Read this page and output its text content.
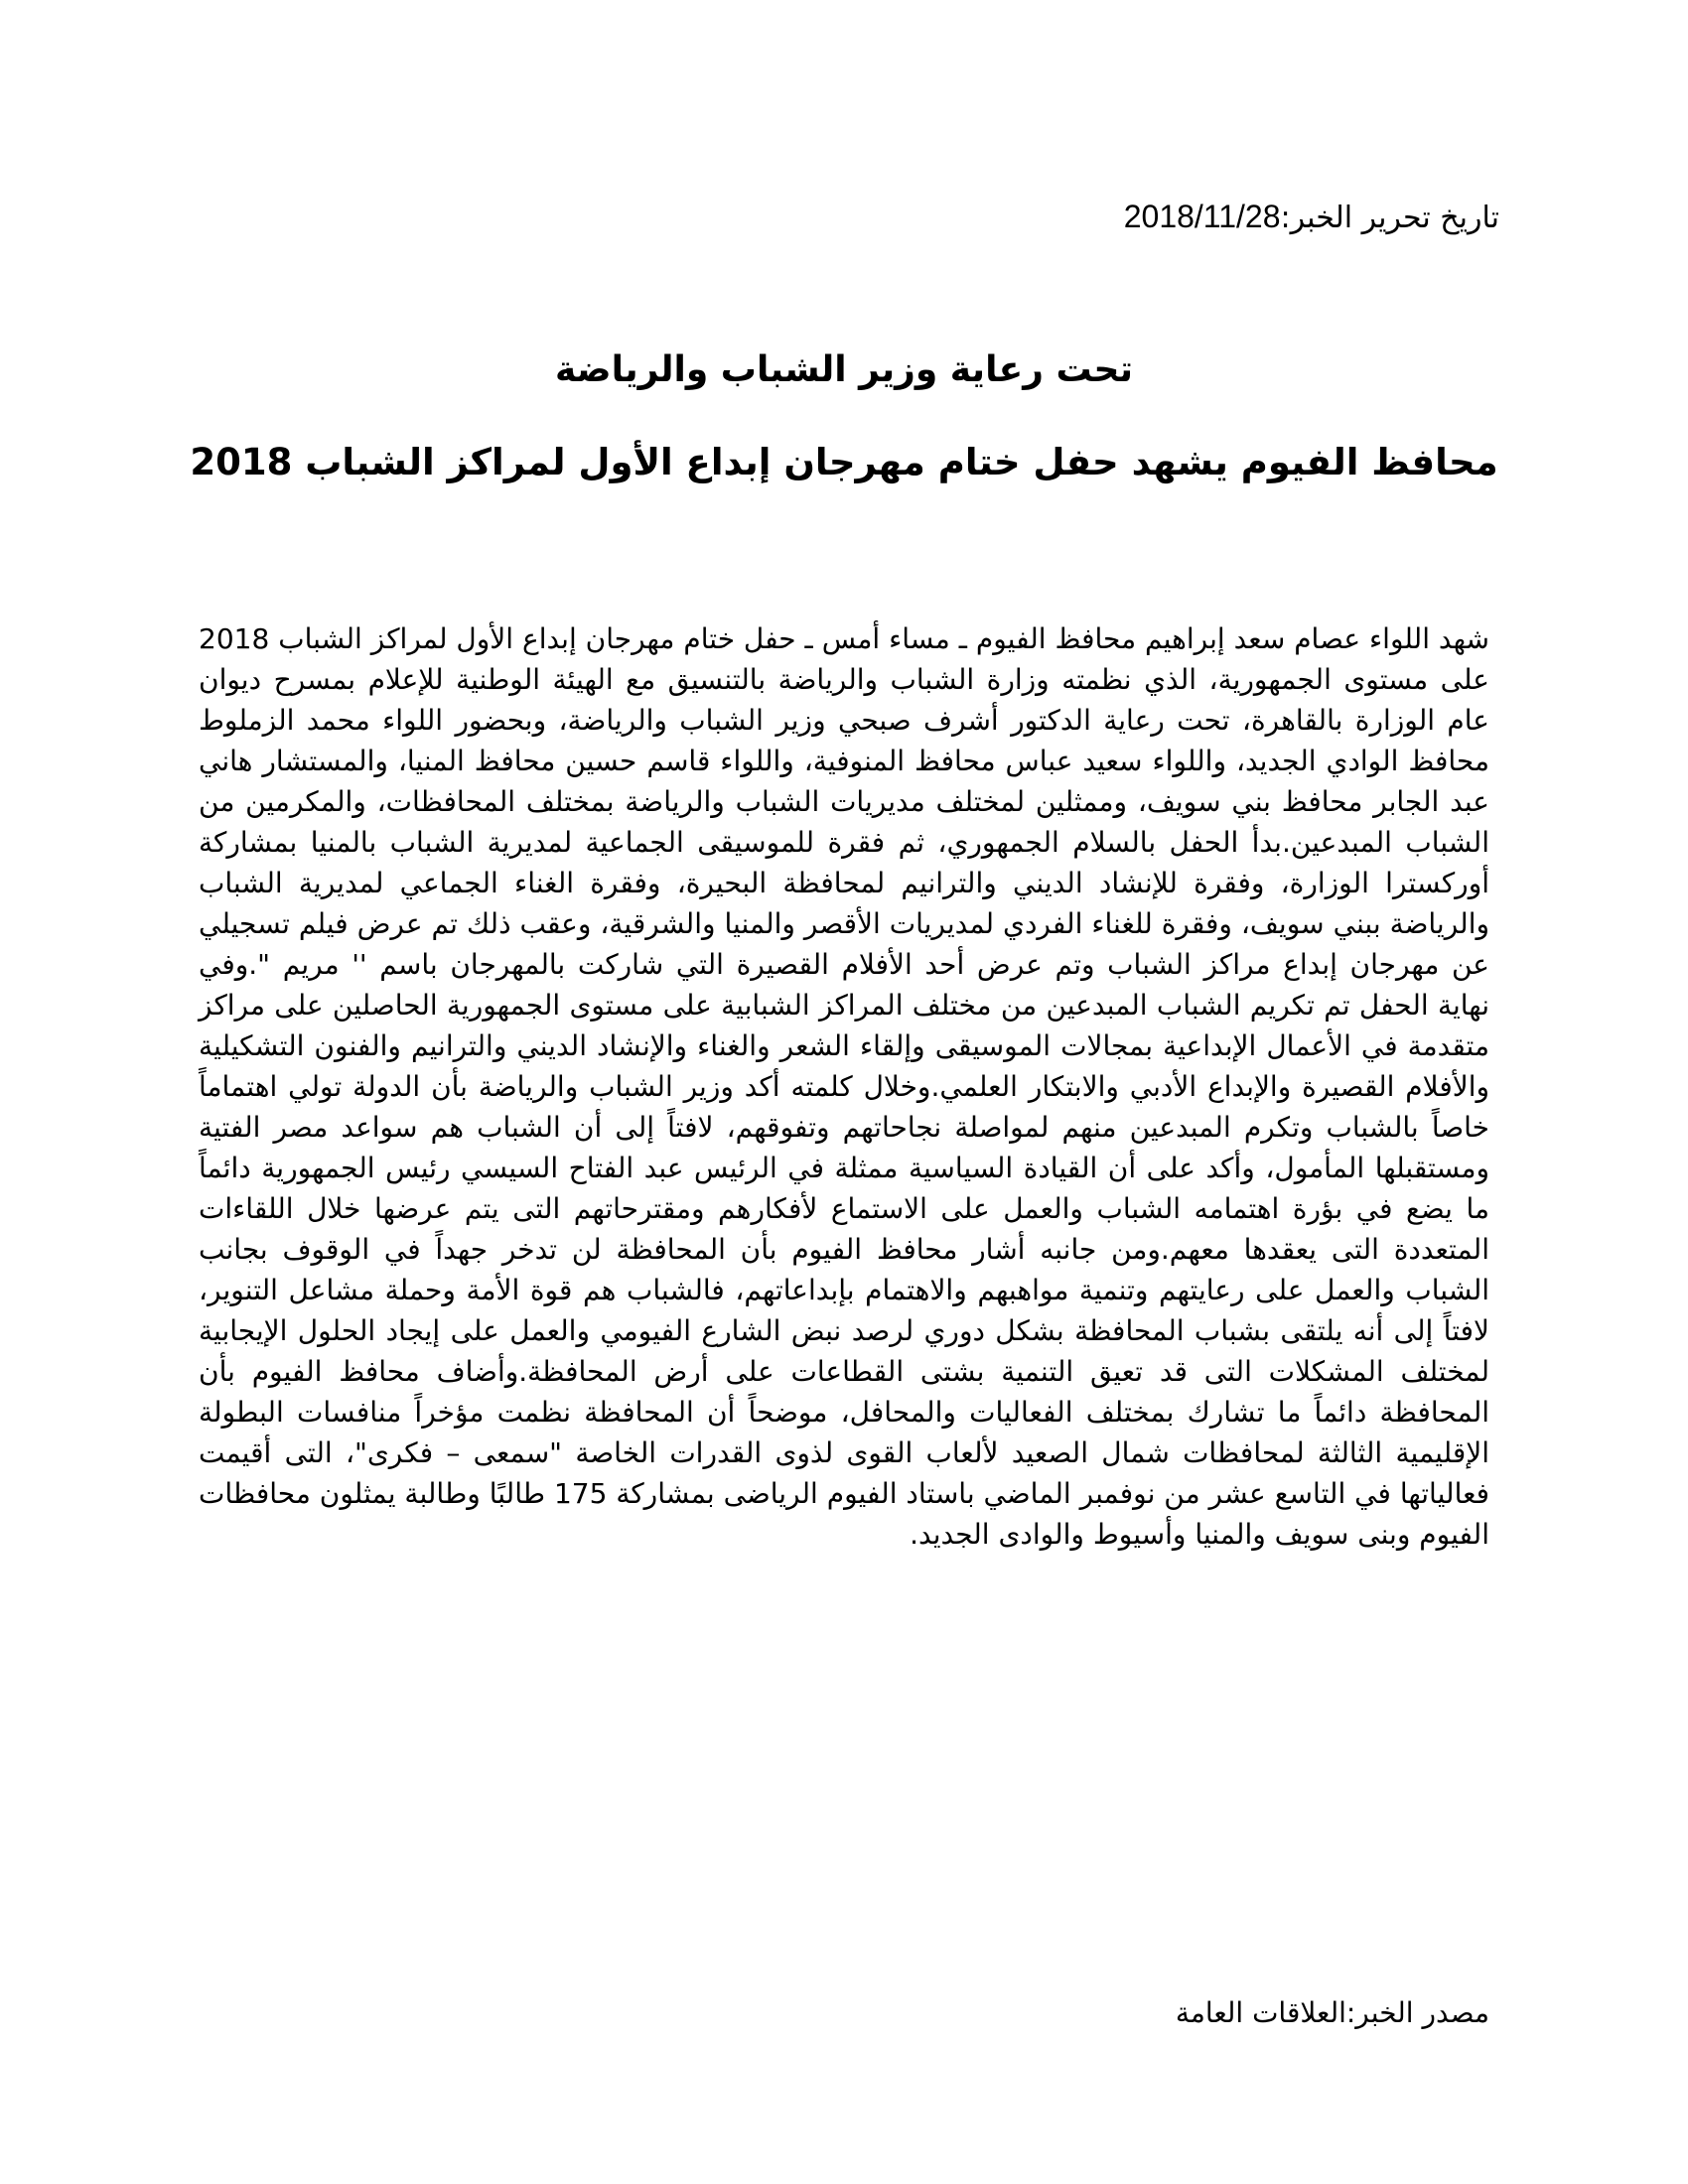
تاريخ تحرير الخبر:2018/11/28
تحت رعاية وزير الشباب والرياضة
محافظ الفيوم يشهد حفل ختام مهرجان إبداع الأول لمراكز الشباب 2018

شهد اللواء عصام سعد إبراهيم محافظ الفيوم ـ مساء أمس ـ حفل ختام مهرجان إبداع الأول لمراكز الشباب 2018 على مستوى الجمهورية، الذي نظمته وزارة الشباب والرياضة بالتنسيق مع الهيئة الوطنية للإعلام بمسرح ديوان عام الوزارة بالقاهرة، تحت رعاية الدكتور أشرف صبحي وزير الشباب والرياضة، وبحضور اللواء محمد الزملوط محافظ الوادي الجديد، واللواء سعيد عباس محافظ المنوفية، واللواء قاسم حسين محافظ المنيا، والمستشار هاني عبد الجابر محافظ بني سويف، وممثلين لمختلف مديريات الشباب والرياضة بمختلف المحافظات، والمكرمين من الشباب المبدعين.بدأ الحفل بالسلام الجمهوري، ثم فقرة للموسيقى الجماعية لمديرية الشباب بالمنيا بمشاركة أوركسترا الوزارة، وفقرة للإنشاد الديني والترانيم لمحافظة البحيرة، وفقرة الغناء الجماعي لمديرية الشباب والرياضة ببني سويف، وفقرة للغناء الفردي لمديريات الأقصر والمنيا والشرقية، وعقب ذلك تم عرض فيلم تسجيلي عن مهرجان إبداع مراكز الشباب وتم عرض أحد الأفلام القصيرة التي شاركت بالمهرجان باسم '' مريم ".وفي نهاية الحفل تم تكريم الشباب المبدعين من مختلف المراكز الشبابية على مستوى الجمهورية الحاصلين على مراكز متقدمة في الأعمال الإبداعية بمجالات الموسيقى وإلقاء الشعر والغناء والإنشاد الديني والترانيم والفنون التشكيلية والأفلام القصيرة والإبداع الأدبي والابتكار العلمي.وخلال كلمته أكد وزير الشباب والرياضة بأن الدولة تولي اهتماماً خاصاً بالشباب وتكرم المبدعين منهم لمواصلة نجاحاتهم وتفوقهم، لافتاً إلى أن الشباب هم سواعد مصر الفتية ومستقبلها المأمول، وأكد على أن القيادة السياسية ممثلة في الرئيس عبد الفتاح السيسي رئيس الجمهورية دائماً ما يضع في بؤرة اهتمامه الشباب والعمل على الاستماع لأفكارهم ومقترحاتهم التى يتم عرضها خلال اللقاءات المتعددة التى يعقدها معهم.ومن جانبه أشار محافظ الفيوم بأن المحافظة لن تدخر جهداً في الوقوف بجانب الشباب والعمل على رعايتهم وتنمية مواهبهم والاهتمام بإبداعاتهم، فالشباب هم قوة الأمة وحملة مشاعل التنوير، لافتاً إلى أنه يلتقى بشباب المحافظة بشكل دوري لرصد نبض الشارع الفيومي والعمل على إيجاد الحلول الإيجابية لمختلف المشكلات التى قد تعيق التنمية بشتى القطاعات على أرض المحافظة.وأضاف محافظ الفيوم بأن المحافظة دائماً ما تشارك بمختلف الفعاليات والمحافل، موضحاً أن المحافظة نظمت مؤخراً منافسات البطولة الإقليمية الثالثة لمحافظات شمال الصعيد لألعاب القوى لذوى القدرات الخاصة "سمعى – فكرى"، التى أقيمت فعالياتها في التاسع عشر من نوفمبر الماضي باستاد الفيوم الرياضى بمشاركة 175 طالبًا وطالبة يمثلون محافظات الفيوم وبنى سويف والمنيا وأسيوط والوادى الجديد.

مصدر الخبر:العلاقات العامة
